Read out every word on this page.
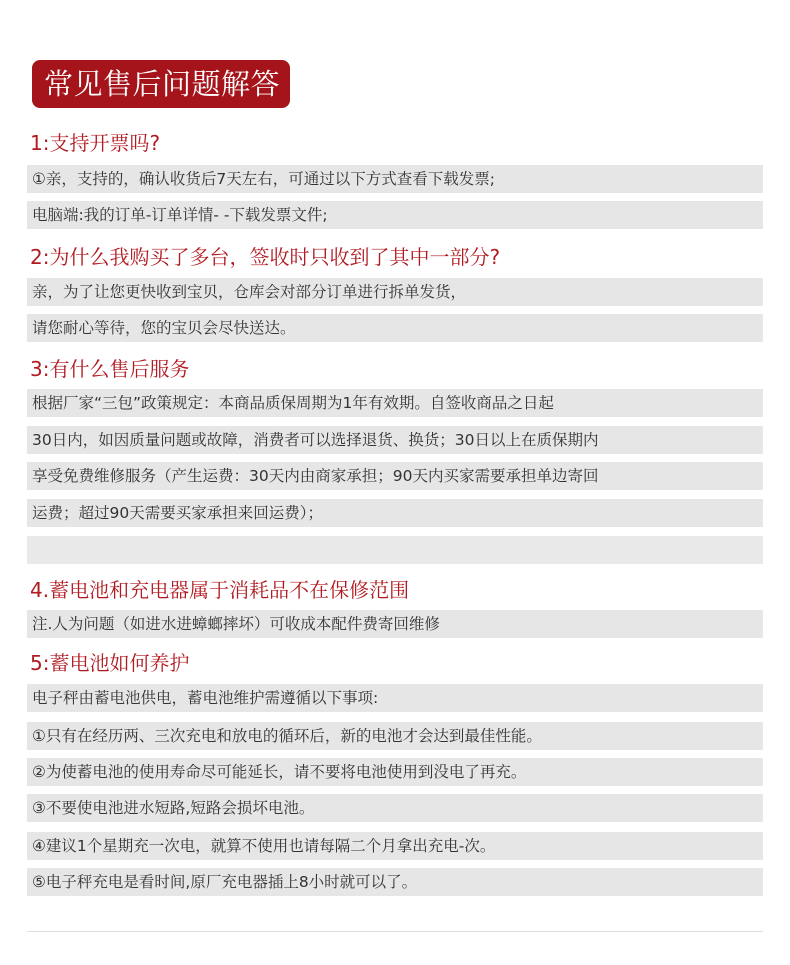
常见售后问题解答
1:支持开票吗?
①亲，支持的，确认收货后7天左右，可通过以下方式查看下载发票;
电脑端:我的订单-订单详情- -下载发票文件;
2:为什么我购买了多台，签收时只收到了其中一部分?
亲，为了让您更快收到宝贝，仓库会对部分订单进行拆单发货，
请您耐心等待，您的宝贝会尽快送达。
3:有什么售后服务
根据厂家“三包”政策规定：本商品质保周期为1年有效期。自签收商品之日起
30日内，如因质量问题或故障，消费者可以选择退货、换货；30日以上在质保期内
享受免费维修服务（产生运费：30天内由商家承担；90天内买家需要承担单边寄回
运费；超过90天需要买家承担来回运费）；
4.蓄电池和充电器属于消耗品不在保修范围
注.人为问题（如进水进蟑螂摔坏）可收成本配件费寄回维修
5:蓄电池如何养护
电子秤由蓄电池供电，蓄电池维护需遵循以下事项:
①只有在经历两、三次充电和放电的循环后，新的电池才会达到最佳性能。
②为使蓄电池的使用寿命尽可能延长，请不要将电池使用到没电了再充。
③不要使电池进水短路,短路会损坏电池。
④建议1个星期充一次电，就算不使用也请每隔二个月拿出充电-次。
⑤电子秤充电是看时间,原厂充电器插上8小时就可以了。
